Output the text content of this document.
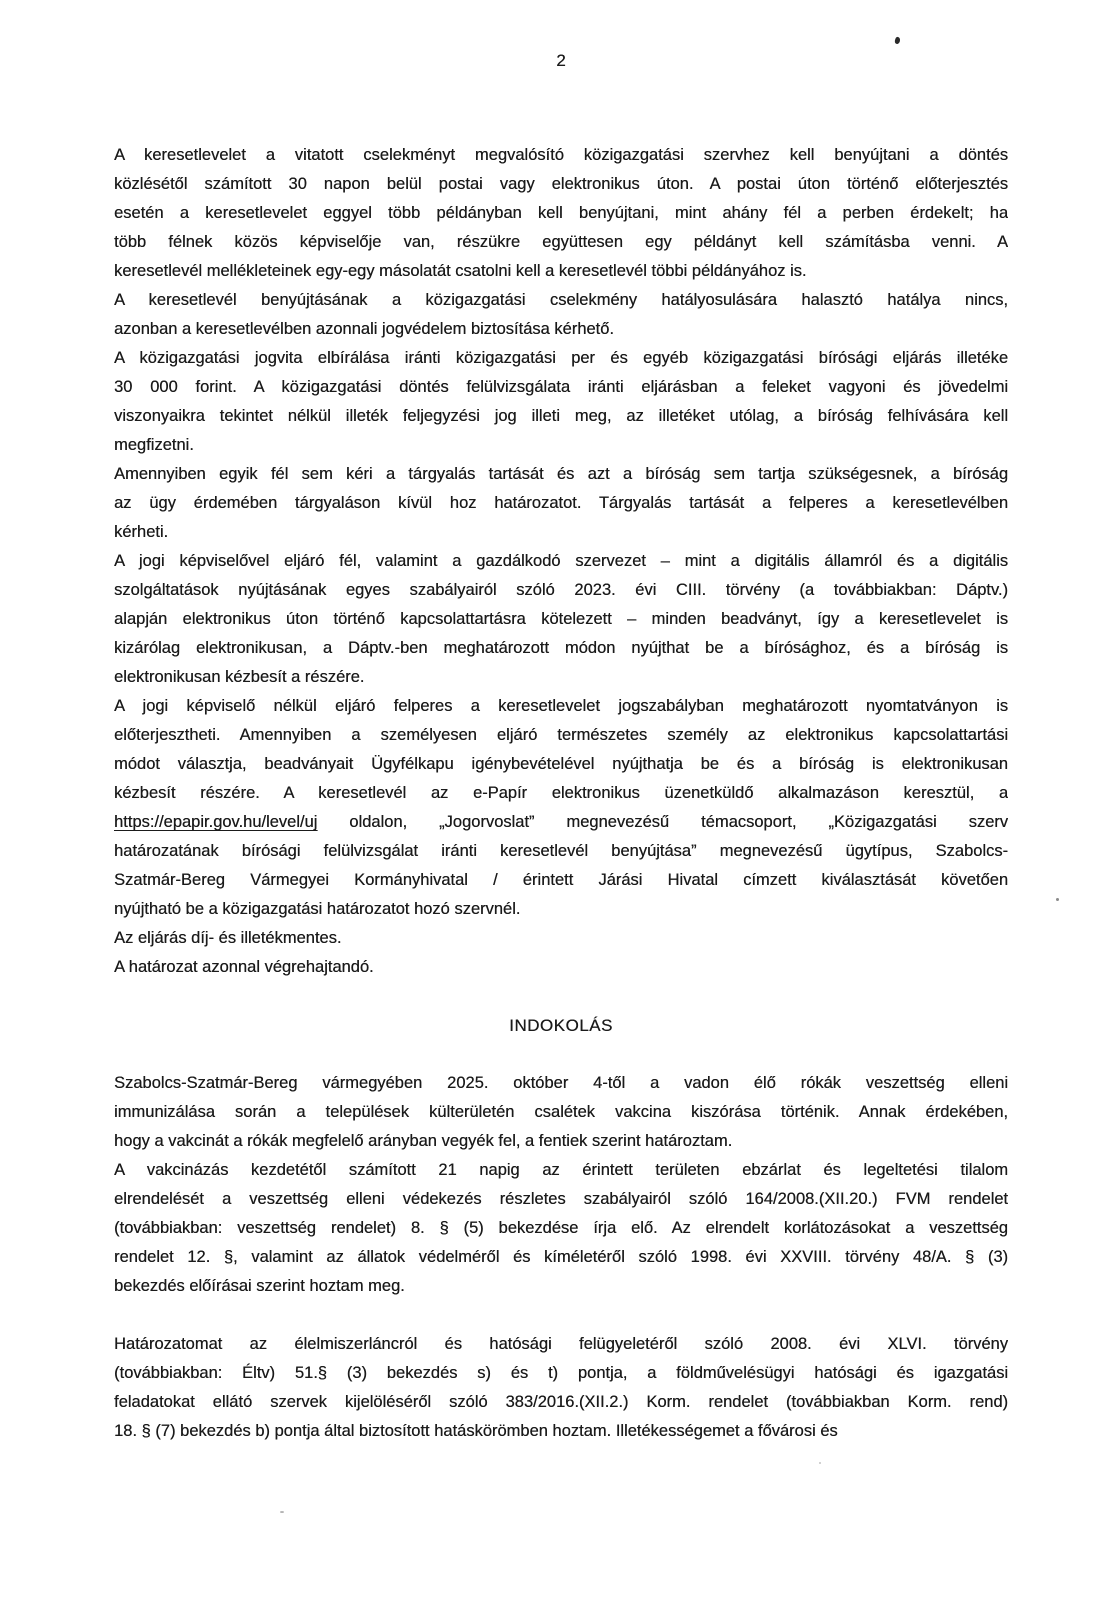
2
A keresetlevelet a vitatott cselekményt megvalósító közigazgatási szervhez kell benyújtani a döntés
közlésétől számított 30 napon belül postai vagy elektronikus úton. A postai úton történő előterjesztés
esetén a keresetlevelet eggyel több példányban kell benyújtani, mint ahány fél a perben érdekelt; ha
több félnek közös képviselője van, részükre együttesen egy példányt kell számításba venni. A
keresetlevél mellékleteinek egy-egy másolatát csatolni kell a keresetlevél többi példányához is.
A keresetlevél benyújtásának a közigazgatási cselekmény hatályosulására halasztó hatálya nincs,
azonban a keresetlevélben azonnali jogvédelem biztosítása kérhető.
A közigazgatási jogvita elbírálása iránti közigazgatási per és egyéb közigazgatási bírósági eljárás illetéke
30 000 forint. A közigazgatási döntés felülvizsgálata iránti eljárásban a feleket vagyoni és jövedelmi
viszonyaikra tekintet nélkül illeték feljegyzési jog illeti meg, az illetéket utólag, a bíróság felhívására kell
megfizetni.
Amennyiben egyik fél sem kéri a tárgyalás tartását és azt a bíróság sem tartja szükségesnek, a bíróság
az ügy érdemében tárgyaláson kívül hoz határozatot. Tárgyalás tartását a felperes a keresetlevélben
kérheti.
A jogi képviselővel eljáró fél, valamint a gazdálkodó szervezet – mint a digitális államról és a digitális
szolgáltatások nyújtásának egyes szabályairól szóló 2023. évi CIII. törvény (a továbbiakban: Dáptv.)
alapján elektronikus úton történő kapcsolattartásra kötelezett – minden beadványt, így a keresetlevelet is
kizárólag elektronikusan, a Dáptv.-ben meghatározott módon nyújthat be a bírósághoz, és a bíróság is
elektronikusan kézbesít a részére.
A jogi képviselő nélkül eljáró felperes a keresetlevelet jogszabályban meghatározott nyomtatványon is
előterjesztheti. Amennyiben a személyesen eljáró természetes személy az elektronikus kapcsolattartási
módot választja, beadványait Ügyfélkapu igénybevételével nyújthatja be és a bíróság is elektronikusan
kézbesít részére. A keresetlevél az e-Papír elektronikus üzenetküldő alkalmazáson keresztül, a
https://epapir.gov.hu/level/uj oldalon, „Jogorvoslat” megnevezésű témacsoport, „Közigazgatási szerv
határozatának bírósági felülvizsgálat iránti keresetlevél benyújtása” megnevezésű ügytípus, Szabolcs-
Szatmár-Bereg Vármegyei Kormányhivatal / érintett Járási Hivatal címzett kiválasztását követően
nyújtható be a közigazgatási határozatot hozó szervnél.
Az eljárás díj- és illetékmentes.
A határozat azonnal végrehajtandó.
INDOKOLÁS
Szabolcs-Szatmár-Bereg vármegyében 2025. október 4-től a vadon élő rókák veszettség elleni
immunizálása során a települések külterületén csalétek vakcina kiszórása történik. Annak érdekében,
hogy a vakcinát a rókák megfelelő arányban vegyék fel, a fentiek szerint határoztam.
A vakcinázás kezdetétől számított 21 napig az érintett területen ebzárlat és legeltetési tilalom
elrendelését a veszettség elleni védekezés részletes szabályairól szóló 164/2008.(XII.20.) FVM rendelet
(továbbiakban: veszettség rendelet) 8. § (5) bekezdése írja elő. Az elrendelt korlátozásokat a veszettség
rendelet 12. §, valamint az állatok védelméről és kíméletéről szóló 1998. évi XXVIII. törvény 48/A. § (3)
bekezdés előírásai szerint hoztam meg.
Határozatomat az élelmiszerláncról és hatósági felügyeletéről szóló 2008. évi XLVI. törvény
(továbbiakban: Éltv) 51.§ (3) bekezdés s) és t) pontja, a földművelésügyi hatósági és igazgatási
feladatokat ellátó szervek kijelöléséről szóló 383/2016.(XII.2.) Korm. rendelet (továbbiakban Korm. rend)
18. § (7) bekezdés b) pontja által biztosított hatáskörömben hoztam. Illetékességemet a fővárosi és
